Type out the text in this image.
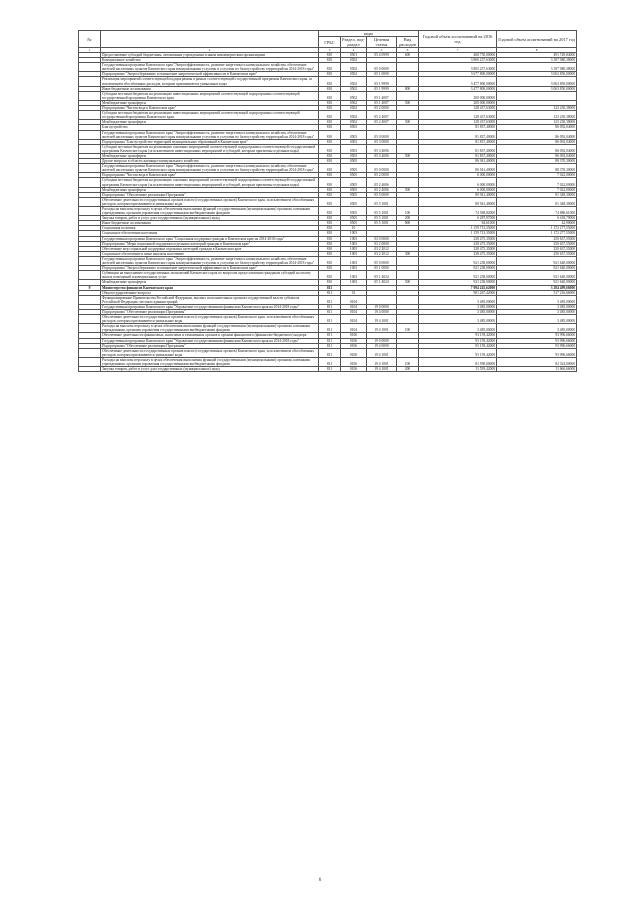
№		коды				Годовой объем ассигнований на 2016 год	Годовой объем ассигнований на 2017 год
		ГРБС	Раздел, под-раздел	Целевая статья	Вид расходов		
1	2	3	4	5	6	7	8
	Предоставление субсидий бюджетным, автономным учреждениям и иным некоммерческим организациям	810	0501	05 4 0999	600	468 750,00000	491 749,84000
	Коммунальное хозяйство	810	0502			3 806 237,63000	3 187 080,38000
	Государственная программа Камчатского края "Энергоэффективность, развитие энергетики и коммунального хозяйства, обеспечение жителей населенных пунктов Камчатского края коммунальными услугами и услугами по благоустройству территорий на 2014-2018 годы"	810	0502	05 0 0000		3 805 237,63000	3 187 080,38000
	Подпрограмма "Энергосбережение и повышение энергетической эффективности в Камчатском крае"	810	0502	05 1 0000		3 677 800,00000	3 063 850,00000
	Реализация мероприятий соответствующей подпрограммы в рамках соответствующей государственной программы Камчатского края, за исключением обособленных расходов, которым присваиваются уникальные коды	810	0502	05 1 9999		3 477 800,00000	3 063 850,00000
	Иные бюджетные ассигнования	810	0502	05 1 9999	800	3 477 800,00000	3 063 850,00000
	Субсидии местным бюджетам на реализацию инвестиционных мероприятий соответствующей подпрограммы соответствующей государственной программы Камчатского края	810	0502	05 1 4007		200 000,00000	
	Межбюджетные трансферты	810	0502	05 1 4007	500	200 000,00000	
	Подпрограмма "Чистая вода в Камчатском крае"	810	0502	05 2 0000		128 437,63000	123 230,38000
	Субсидии местным бюджетам на реализацию инвестиционных мероприятий соответствующей подпрограммы соответствующей государственной программы Камчатского края	810	0502	05 2 4007		128 437,63000	123 230,38000
	Межбюджетные трансферты	810	0502	05 2 4007	500	128 437,63000	123 230,38000
	Благоустройство	810	0503			81 837,40000	86 092,04000
	Государственная программа Камчатского края "Энергоэффективность, развитие энергетики и коммунального хозяйства, обеспечение жителей населенных пунктов Камчатского края коммунальными услугами и услугами по благоустройству территорий на 2014-2018 годы"	810	0503	05 0 0000		81 837,40000	86 092,04000
	Подпрограмма "Благоустройство территорий муниципальных образований в Камчатском крае"	810	0503	05 3 0000		81 837,40000	86 092,04000
	Субсидии местным бюджетам на реализацию основных мероприятий соответствующей подпрограммы соответствующей государственной программы Камчатского края (за исключением инвестиционных мероприятий и субсидий, которым присвоены отдельные коды)	810	0503	05 3 4006		81 837,40000	86 092,04000
	Межбюджетные трансферты	810	0503	05 3 4006	500	81 837,40000	86 092,04000
	Другие вопросы в области жилищно-коммунального хозяйства	810	0505			86 941,40000	88 370,30000
	Государственная программа Камчатского края "Энергоэффективность, развитие энергетики и коммунального хозяйства, обеспечение жителей населенных пунктов Камчатского края коммунальными услугами и услугами по благоустройству территорий на 2014-2018 годы"	810	0505	05 0 0000		86 941,40000	88 370,30000
	Подпрограмма "Чистая вода в Камчатском крае"	810	0505	05 2 0000		6 000,00000	7 022,00000
	Субсидии местным бюджетам на реализацию основных мероприятий соответствующей подпрограммы соответствующей государственной программы Камчатского края (за исключением инвестиционных мероприятий и субсидий, которым присвоены отдельные коды)	810	0505	05 2 4006		6 000,00000	7 022,00000
	Межбюджетные трансферты	810	0505	05 2 4006	500	6 000,00000	7 022,00000
	Подпрограмма "Обеспечение реализации Программы"	810	0505	05 5 0000		80 941,40000	81 348,30000
	Обеспечение деятельности государственных органов власти (государственных органов) Камчатского края, за исключением обособленных расходов, которым присваиваются уникальные коды	810	0505	05 5 1001		80 941,40000	81 348,30000
	Расходы на выплаты персоналу в целях обеспечения выполнения функций государственными (муниципальными) органами, казенными учреждениями, органами управления государственными внебюджетными фондами	810	0505	05 5 1001	100	74 568,82000	74 886,61000
	Закупка товаров, работ и услуг для государственных (муниципальных) нужд	810	0505	05 5 1001	200	6 287,97000	6 418,79000
	Иные бюджетные ассигнования	810	0505	05 5 1001	800	84,61000	42,90000
	Социальная политика	810	10			1 159 713,35000	1 172 277,55000
	Социальное обеспечение населения	810	1003			1 159 713,35000	1 172 277,55000
	Государственная программа Камчатского края "Социальная поддержка граждан в Камчатском крае на 2014-2018 годы"	810	1003	03 0 0000		238 475,35000	250 637,55000
	Подпрограмма "Меры социальной поддержки отдельных категорий граждан в Камчатском крае"	810	1003	03 2 0000		238 475,35000	250 637,55000
	Обеспечение мер социальной поддержки отдельных категорий граждан в Камчатском крае	810	1003	03 2 2012		238 475,35000	250 637,55000
	Социальное обеспечение и иные выплаты населению	810	1003	03 2 2012	300	238 475,35000	250 637,55000
	Государственная программа Камчатского края "Энергоэффективность, развитие энергетики и коммунального хозяйства, обеспечение жителей населенных пунктов Камчатского края коммунальными услугами и услугами по благоустройству территорий на 2014-2018 годы"	810	1003	05 0 0000		921 238,00000	921 640,00000
	Подпрограмма "Энергосбережение и повышение энергетической эффективности в Камчатском крае"	810	1003	05 1 0000		921 238,00000	921 640,00000
	Субвенции на выполнение государственных полномочий Камчатского края по вопросам предоставления гражданам субсидий на оплату жилых помещений и коммунальных услуг	810	1003	05 1 4024		921 238,00000	921 640,00000
	Межбюджетные трансферты	810	1003	05 1 4024	500	921 238,00000	921 640,00000
9	Министерство финансов Камчатского края	811				7 094 245,62000	3 284 499,66000
	Общегосударственные вопросы	811	01			901 267,42000	517 216,66000
	Функционирование Правительства Российской Федерации, высших исполнительных органов государственной власти субъектов Российской Федерации, местных администраций	811	0104			3 485,00000	3 485,00000
	Государственная программа Камчатского края "Управление государственными финансами Камчатского края на 2014-2018 годы"	811	0104	19 0 0000		3 485,00000	3 485,00000
	Подпрограмма "Обеспечение реализации Программы"	811	0104	19 4 0000		3 485,00000	3 485,00000
	Обеспечение деятельности государственных органов власти (государственных органов) Камчатского края, за исключением обособленных расходов, которым присваиваются уникальные коды	811	0104	19 4 1001		3 485,00000	3 485,00000
	Расходы на выплаты персоналу в целях обеспечения выполнения функций государственными (муниципальными) органами, казенными учреждениями, органами управления государственными внебюджетными фондами	811	0104	19 4 1001	100	3 485,00000	3 485,00000
	Обеспечение деятельности финансовых, налоговых и таможенных органов и органов финансового (финансово-бюджетного) надзора	811	0106			93 159,42000	93 996,66000
	Государственная программа Камчатского края "Управление государственными финансами Камчатского края на 2014-2018 годы"	811	0106	19 0 0000		93 159,42000	93 996,66000
	Подпрограмма "Обеспечение реализации Программы"	811	0106	19 4 0000		93 159,42000	93 996,66000
	Обеспечение деятельности государственных органов власти (государственных органов) Камчатского края, за исключением обособленных расходов, которым присваиваются уникальные коды	811	0106	19 4 1001		93 159,42000	93 996,66000
	Расходы на выплаты персоналу в целях обеспечения выполнения функций государственными (муниципальными) органами, казенными учреждениями, органами управления государственными внебюджетными фондами	811	0106	19 4 1001	100	81 590,00000	82 324,00000
	Закупка товаров, работ и услуг для государственных (муниципальных) нужд	811	0106	19 4 1001	200	11 559,42000	11 666,66000
6
